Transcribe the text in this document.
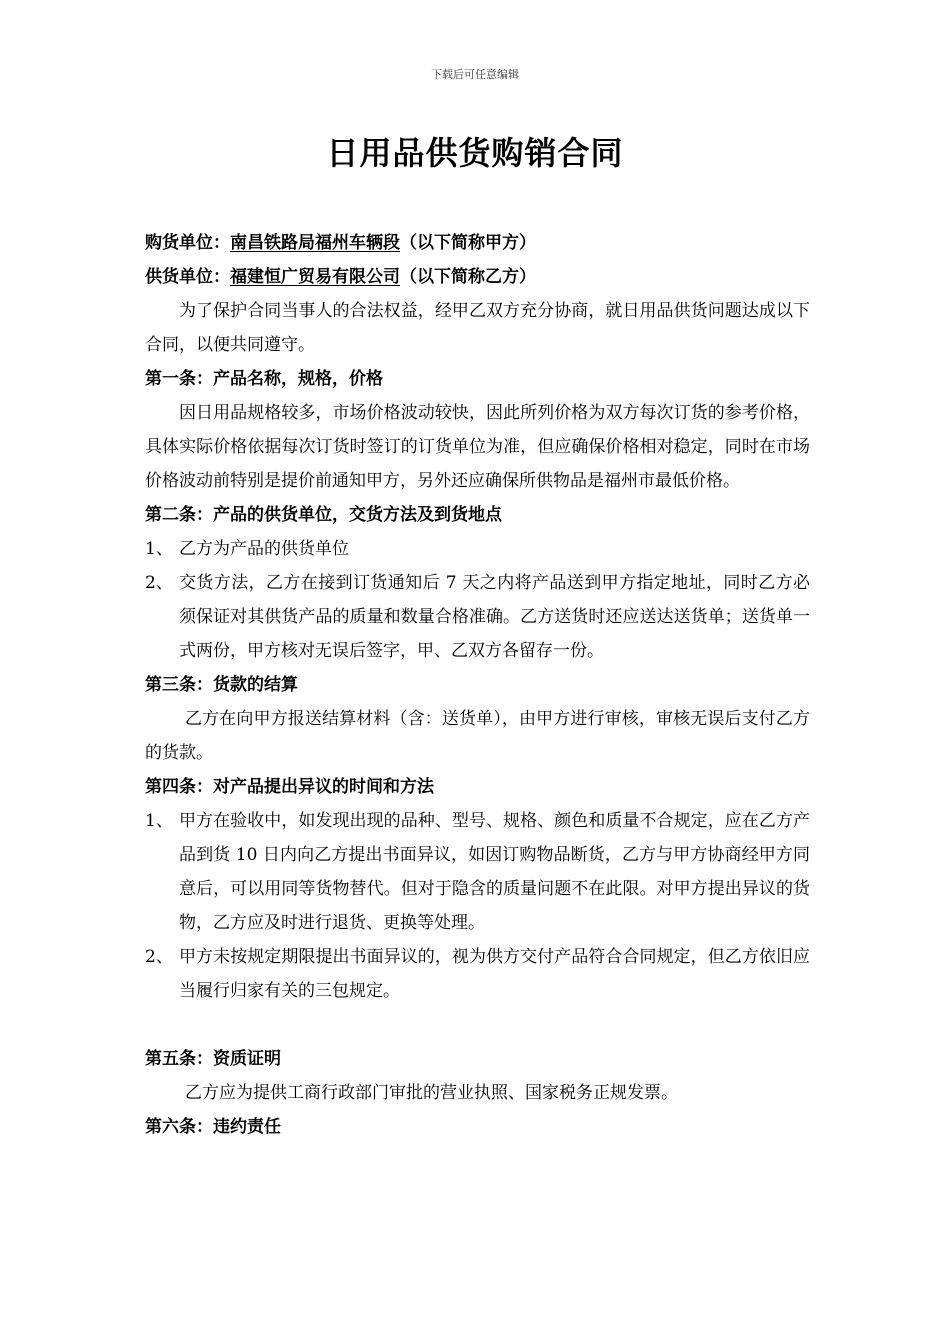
下载后可任意编辑
日用品供货购销合同

购货单位：南昌铁路局福州车辆段（以下简称甲方）

供货单位：福建恒广贸易有限公司（以下简称乙方）

为了保护合同当事人的合法权益，经甲乙双方充分协商，就日用品供货问题达成以下合同，以便共同遵守。

第一条：产品名称，规格，价格

因日用品规格较多，市场价格波动较快，因此所列价格为双方每次订货的参考价格，具体实际价格依据每次订货时签订的订货单位为准，但应确保价格相对稳定，同时在市场价格波动前特别是提价前通知甲方，另外还应确保所供物品是福州市最低价格。

第二条：产品的供货单位，交货方法及到货地点

1、 乙方为产品的供货单位
2、 交货方法，乙方在接到订货通知后 7 天之内将产品送到甲方指定地址，同时乙方必须保证对其供货产品的质量和数量合格准确。乙方送货时还应送达送货单；送货单一式两份，甲方核对无误后签字，甲、乙双方各留存一份。

第三条：货款的结算

乙方在向甲方报送结算材料（含：送货单），由甲方进行审核，审核无误后支付乙方的货款。

第四条：对产品提出异议的时间和方法

1、 甲方在验收中，如发现出现的品种、型号、规格、颜色和质量不合规定，应在乙方产品到货 10 日内向乙方提出书面异议，如因订购物品断货，乙方与甲方协商经甲方同意后，可以用同等货物替代。但对于隐含的质量问题不在此限。对甲方提出异议的货物，乙方应及时进行退货、更换等处理。
2、 甲方未按规定期限提出书面异议的，视为供方交付产品符合合同规定，但乙方依旧应当履行归家有关的三包规定。

第五条：资质证明

乙方应为提供工商行政部门审批的营业执照、国家税务正规发票。

第六条：违约责任
